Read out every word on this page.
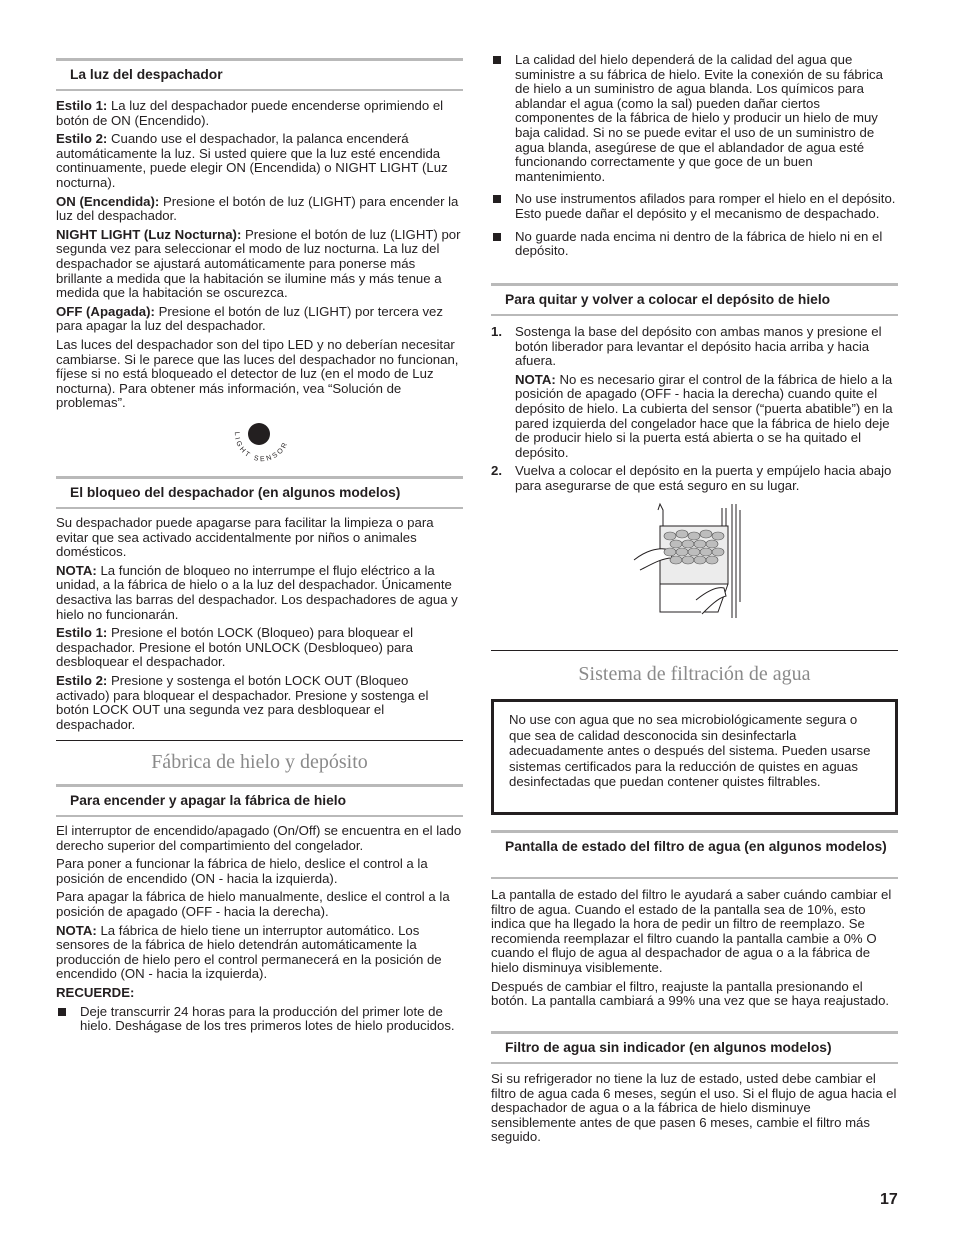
La luz del despachador

Estilo 1: La luz del despachador puede encenderse oprimiendo el botón de ON (Encendido).

Estilo 2: Cuando use el despachador, la palanca encenderá automáticamente la luz. Si usted quiere que la luz esté encendida continuamente, puede elegir ON (Encendida) o NIGHT LIGHT (Luz nocturna).

ON (Encendida): Presione el botón de luz (LIGHT) para encender la luz del despachador.

NIGHT LIGHT (Luz Nocturna): Presione el botón de luz (LIGHT) por segunda vez para seleccionar el modo de luz nocturna. La luz del despachador se ajustará automáticamente para ponerse más brillante a medida que la habitación se ilumine más y más tenue a medida que la habitación se oscurezca.

OFF (Apagada): Presione el botón de luz (LIGHT) por tercera vez para apagar la luz del despachador.

Las luces del despachador son del tipo LED y no deberían necesitar cambiarse. Si le parece que las luces del despachador no funcionan, fíjese si no está bloqueado el detector de luz (en el modo de Luz nocturna). Para obtener más información, vea “Solución de problemas”.

LIGHT SENSOR
El bloqueo del despachador (en algunos modelos)

Su despachador puede apagarse para facilitar la limpieza o para evitar que sea activado accidentalmente por niños o animales domésticos.

NOTA: La función de bloqueo no interrumpe el flujo eléctrico a la unidad, a la fábrica de hielo o a la luz del despachador. Únicamente desactiva las barras del despachador. Los despachadores de agua y hielo no funcionarán.

Estilo 1: Presione el botón LOCK (Bloqueo) para bloquear el despachador. Presione el botón UNLOCK (Desbloqueo) para desbloquear el despachador.

Estilo 2: Presione y sostenga el botón LOCK OUT (Bloqueo activado) para bloquear el despachador. Presione y sostenga el botón LOCK OUT una segunda vez para desbloquear el despachador.

Fábrica de hielo y depósito
Para encender y apagar la fábrica de hielo

El interruptor de encendido/apagado (On/Off) se encuentra en el lado derecho superior del compartimiento del congelador.

Para poner a funcionar la fábrica de hielo, deslice el control a la posición de encendido (ON - hacia la izquierda).

Para apagar la fábrica de hielo manualmente, deslice el control a la posición de apagado (OFF - hacia la derecha).

NOTA: La fábrica de hielo tiene un interruptor automático. Los sensores de la fábrica de hielo detendrán automáticamente la producción de hielo pero el control permanecerá en la posición de encendido (ON - hacia la izquierda).

RECUERDE:

Deje transcurrir 24 horas para la producción del primer lote de hielo. Deshágase de los tres primeros lotes de hielo producidos.
La calidad del hielo dependerá de la calidad del agua que suministre a su fábrica de hielo. Evite la conexión de su fábrica de hielo a un suministro de agua blanda. Los químicos para ablandar el agua (como la sal) pueden dañar ciertos componentes de la fábrica de hielo y producir un hielo de muy baja calidad. Si no se puede evitar el uso de un suministro de agua blanda, asegúrese de que el ablandador de agua esté funcionando correctamente y que goce de un buen mantenimiento.
No use instrumentos afilados para romper el hielo en el depósito. Esto puede dañar el depósito y el mecanismo de despachado.
No guarde nada encima ni dentro de la fábrica de hielo ni en el depósito.
Para quitar y volver a colocar el depósito de hielo
1. Sostenga la base del depósito con ambas manos y presione el botón liberador para levantar el depósito hacia arriba y hacia afuera.
NOTA: No es necesario girar el control de la fábrica de hielo a la posición de apagado (OFF - hacia la derecha) cuando quite el depósito de hielo. La cubierta del sensor (“puerta abatible”) en la pared izquierda del congelador hace que la fábrica de hielo deje de producir hielo si la puerta está abierta o se ha quitado el depósito.
2. Vuelva a colocar el depósito en la puerta y empújelo hacia abajo para asegurarse de que está seguro en su lugar.
Sistema de filtración de agua
No use con agua que no sea microbiológicamente segura o que sea de calidad desconocida sin desinfectarla adecuadamente antes o después del sistema. Pueden usarse sistemas certificados para la reducción de quistes en aguas desinfectadas que puedan contener quistes filtrables.
Pantalla de estado del filtro de agua (en algunos modelos)

La pantalla de estado del filtro le ayudará a saber cuándo cambiar el filtro de agua. Cuando el estado de la pantalla sea de 10%, esto indica que ha llegado la hora de pedir un filtro de reemplazo. Se recomienda reemplazar el filtro cuando la pantalla cambie a 0% O cuando el flujo de agua al despachador de agua o a la fábrica de hielo disminuya visiblemente.

Después de cambiar el filtro, reajuste la pantalla presionando el botón. La pantalla cambiará a 99% una vez que se haya reajustado.

Filtro de agua sin indicador (en algunos modelos)

Si su refrigerador no tiene la luz de estado, usted debe cambiar el filtro de agua cada 6 meses, según el uso. Si el flujo de agua hacia el despachador de agua o a la fábrica de hielo disminuye sensiblemente antes de que pasen 6 meses, cambie el filtro más seguido.

17
